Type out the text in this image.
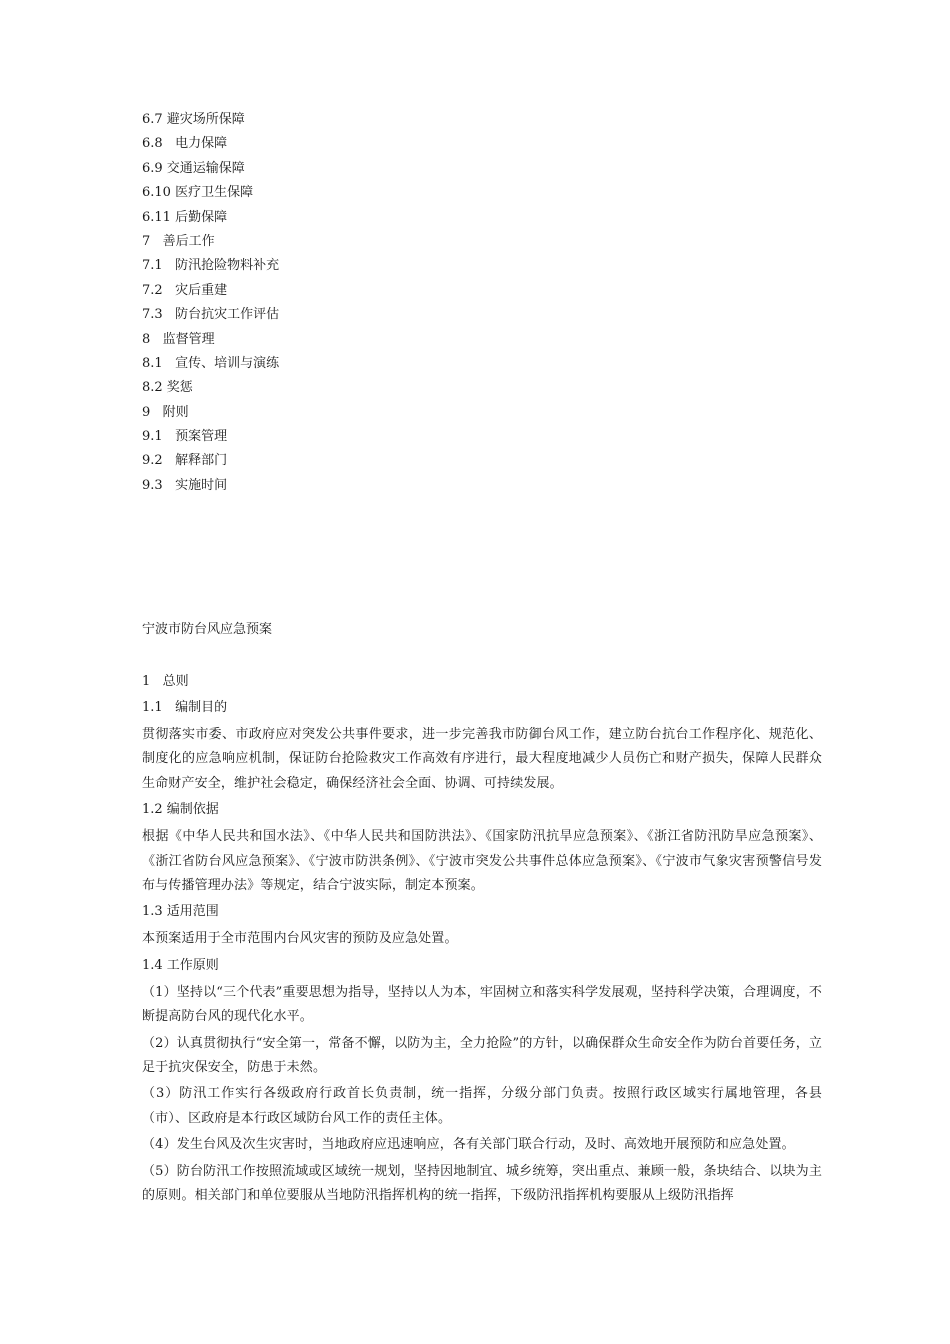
6.7 避灾场所保障
6.8   电力保障
6.9 交通运输保障
6.10 医疗卫生保障
6.11 后勤保障
7   善后工作
7.1   防汛抢险物料补充
7.2   灾后重建
7.3   防台抗灾工作评估
8   监督管理
8.1   宣传、培训与演练
8.2 奖惩
9   附则
9.1   预案管理
9.2   解释部门
9.3   实施时间
宁波市防台风应急预案

1   总则

1.1   编制目的

贯彻落实市委、市政府应对突发公共事件要求，进一步完善我市防御台风工作，建立防台抗台工作程序化、规范化、制度化的应急响应机制，保证防台抢险救灾工作高效有序进行，最大程度地减少人员伤亡和财产损失，保障人民群众生命财产安全，维护社会稳定，确保经济社会全面、协调、可持续发展。

1.2 编制依据

根据《中华人民共和国水法》、《中华人民共和国防洪法》、《国家防汛抗旱应急预案》、《浙江省防汛防旱应急预案》、《浙江省防台风应急预案》、《宁波市防洪条例》、《宁波市突发公共事件总体应急预案》、《宁波市气象灾害预警信号发布与传播管理办法》等规定，结合宁波实际，制定本预案。

1.3 适用范围

本预案适用于全市范围内台风灾害的预防及应急处置。

1.4 工作原则

（1）坚持以“三个代表”重要思想为指导，坚持以人为本，牢固树立和落实科学发展观，坚持科学决策，合理调度，不断提高防台风的现代化水平。

（2）认真贯彻执行“安全第一，常备不懈，以防为主，全力抢险”的方针，以确保群众生命安全作为防台首要任务，立足于抗灾保安全，防患于未然。

（3）防汛工作实行各级政府行政首长负责制，统一指挥，分级分部门负责。按照行政区域实行属地管理，各县（市）、区政府是本行政区域防台风工作的责任主体。

（4）发生台风及次生灾害时，当地政府应迅速响应，各有关部门联合行动，及时、高效地开展预防和应急处置。

（5）防台防汛工作按照流域或区域统一规划，坚持因地制宜、城乡统筹，突出重点、兼顾一般，条块结合、以块为主的原则。相关部门和单位要服从当地防汛指挥机构的统一指挥，下级防汛指挥机构要服从上级防汛指挥
